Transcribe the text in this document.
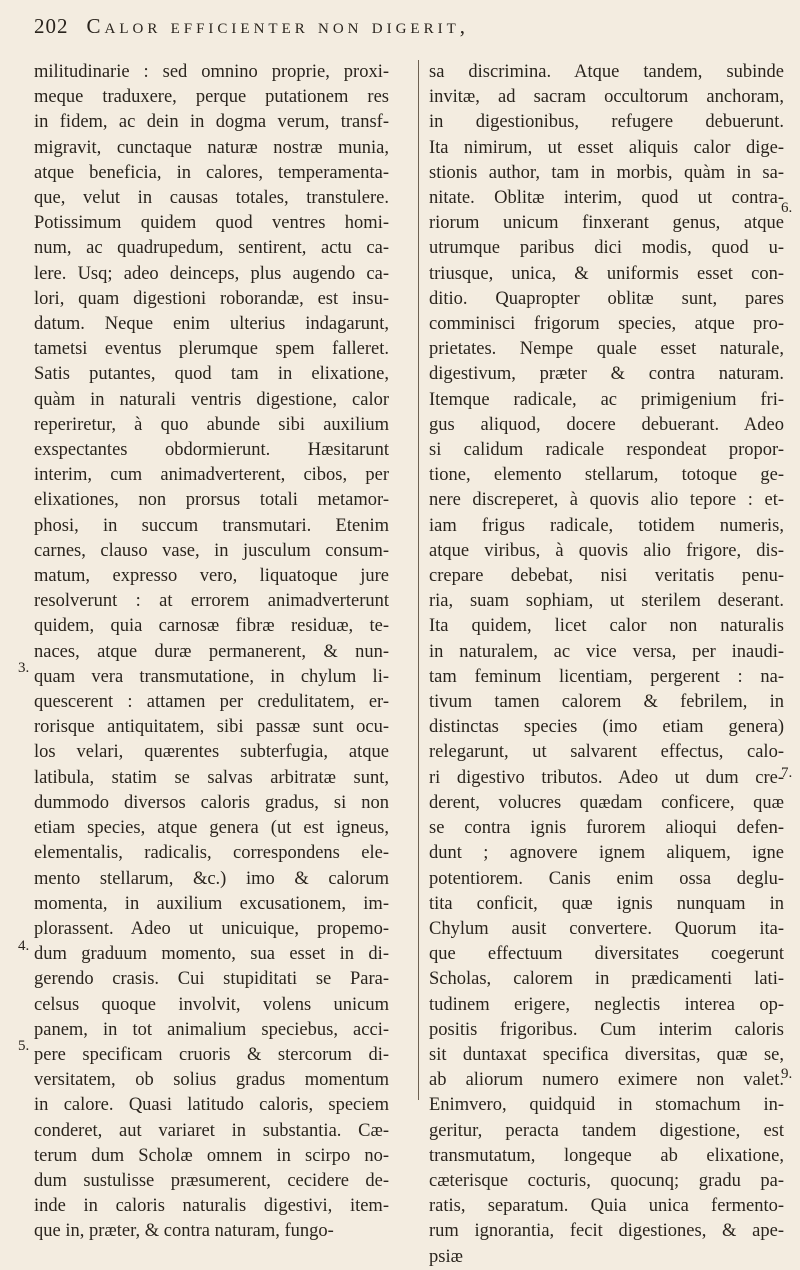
202 Calor efficienter non digerit,
militudinarie : sed omnino proprie, proxi-
meque traduxere, perque putationem res
in fidem, ac dein in dogma verum, transf-
migravit, cunctaque naturæ nostræ munia,
atque beneficia, in calores, temperamenta-
que, velut in causas totales, transtulere.
Potissimum quidem quod ventres homi-
num, ac quadrupedum, sentirent, actu ca-
lere. Usq; adeo deinceps, plus augendo ca-
lori, quam digestioni roborandæ, est insu-
datum. Neque enim ulterius indagarunt,
tametsi eventus plerumque spem falleret.
Satis putantes, quod tam in elixatione,
quàm in naturali ventris digestione, calor
reperiretur, à quo abunde sibi auxilium
exspectantes obdormierunt. Hæsitarunt
interim, cum animadverterent, cibos, per
elixationes, non prorsus totali metamor-
phosi, in succum transmutari. Etenim
carnes, clauso vase, in jusculum consum-
matum, expresso vero, liquatoque jure
resolverunt : at errorem animadverterunt
quidem, quia carnosæ fibræ residuæ, te-
naces, atque duræ permanerent, & nun-
quam vera transmutatione, in chylum li-
quescerent : attamen per credulitatem, er-
rorisque antiquitatem, sibi passæ sunt ocu-
los velari, quærentes subterfugia, atque
latibula, statim se salvas arbitratæ sunt,
dummodo diversos caloris gradus, si non
etiam species, atque genera (ut est igneus,
elementalis, radicalis, correspondens ele-
mento stellarum, &c.) imo & calorum
momenta, in auxilium excusationem, im-
plorassent. Adeo ut unicuique, propemo-
dum graduum momento, sua esset in di-
gerendo crasis. Cui stupiditati se Para-
celsus quoque involvit, volens unicum
panem, in tot animalium speciebus, acci-
pere specificam cruoris & stercorum di-
versitatem, ob solius gradus momentum
in calore. Quasi latitudo caloris, speciem
conderet, aut variaret in substantia. Cæ-
terum dum Scholæ omnem in scirpo no-
dum sustulisse præsumerent, cecidere de-
inde in caloris naturalis digestivi, item-
que in, præter, & contra naturam, fungo-
sa discrimina. Atque tandem, subinde
invitæ, ad sacram occultorum anchoram,
in digestionibus, refugere debuerunt.
Ita nimirum, ut esset aliquis calor dige-
stionis author, tam in morbis, quàm in sa-
nitate. Oblitæ interim, quod ut contra-
riorum unicum finxerant genus, atque
utrumque paribus dici modis, quod u-
triusque, unica, & uniformis esset con-
ditio. Quapropter oblitæ sunt, pares
comminisci frigorum species, atque pro-
prietates. Nempe quale esset naturale,
digestivum, præter & contra naturam.
Itemque radicale, ac primigenium fri-
gus aliquod, docere debuerant. Adeo
si calidum radicale respondeat propor-
tione, elemento stellarum, totoque ge-
nere discreperet, à quovis alio tepore : et-
iam frigus radicale, totidem numeris,
atque viribus, à quovis alio frigore, dis-
crepare debebat, nisi veritatis penu-
ria, suam sophiam, ut sterilem deserant.
Ita quidem, licet calor non naturalis
in naturalem, ac vice versa, per inaudi-
tam feminum licentiam, pergerent : na-
tivum tamen calorem & febrilem, in
distinctas species (imo etiam genera)
relegarunt, ut salvarent effectus, calo-
ri digestivo tributos. Adeo ut dum cre-
derent, volucres quædam conficere, quæ
se contra ignis furorem alioqui defen-
dunt ; agnovere ignem aliquem, igne
potentiorem. Canis enim ossa deglu-
tita conficit, quæ ignis nunquam in
Chylum ausit convertere. Quorum ita-
que effectuum diversitates coegerunt
Scholas, calorem in prædicamenti lati-
tudinem erigere, neglectis interea op-
positis frigoribus. Cum interim caloris
sit duntaxat specifica diversitas, quæ se,
ab aliorum numero eximere non valet.
Enimvero, quidquid in stomachum in-
geritur, peracta tandem digestione, est
transmutatum, longeque ab elixatione,
cæterisque cocturis, quocunq; gradu pa-
ratis, separatum. Quia unica fermento-
rum ignorantia, fecit digestiones, & ape-
psiæ
3.
4.
5.
6.
7.
9.
